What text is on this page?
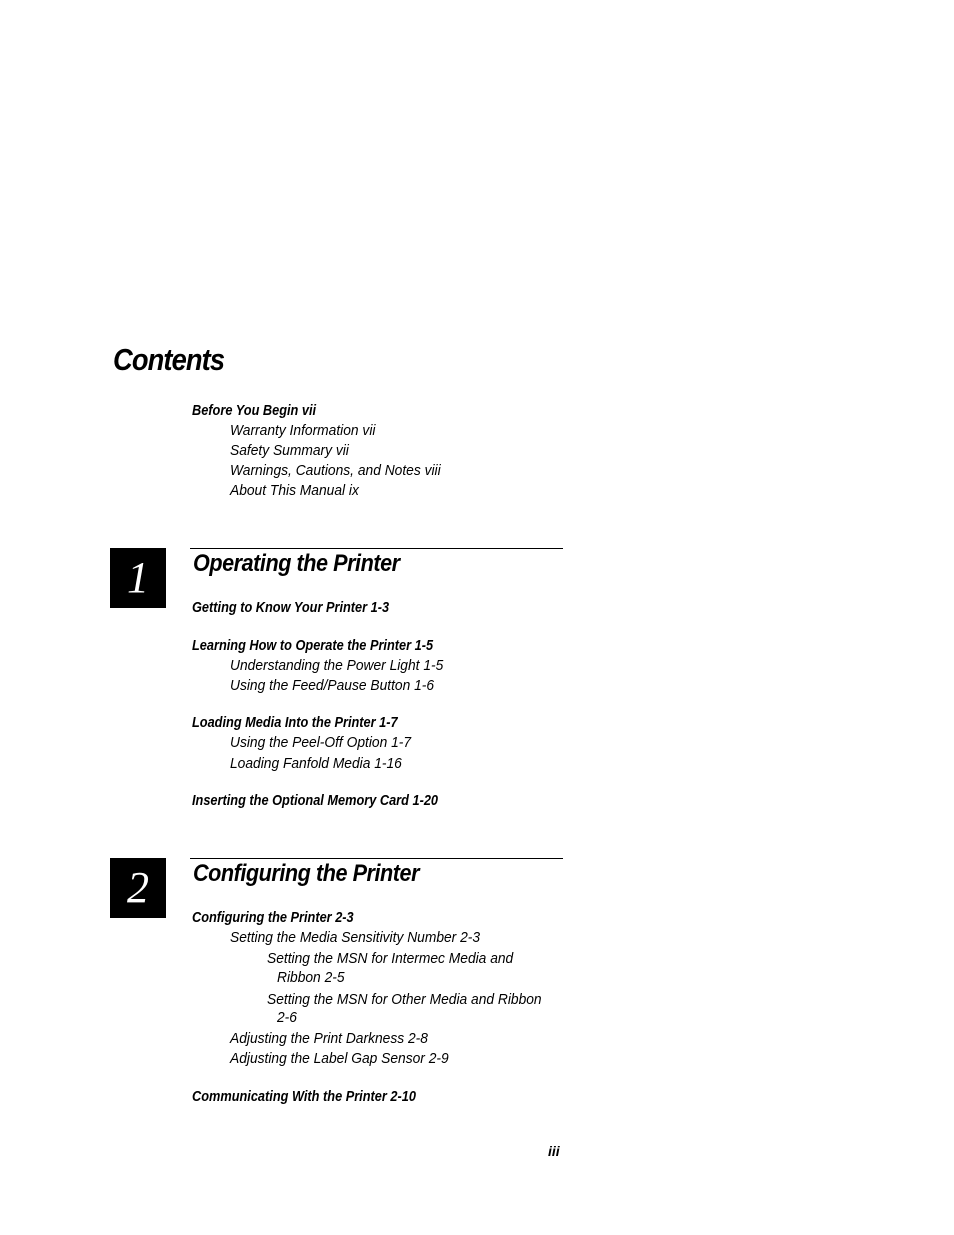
Contents
Before You Begin vii
Warranty Information vii
Safety Summary vii
Warnings, Cautions, and Notes viii
About This Manual ix
1 Operating the Printer
Getting to Know Your Printer 1-3
Learning How to Operate the Printer 1-5
Understanding the Power Light 1-5
Using the Feed/Pause Button 1-6
Loading Media Into the Printer 1-7
Using the Peel-Off Option 1-7
Loading Fanfold Media 1-16
Inserting the Optional Memory Card 1-20
2 Configuring the Printer
Configuring the Printer 2-3
Setting the Media Sensitivity Number 2-3
Setting the MSN for Intermec Media and
Ribbon 2-5
Setting the MSN for Other Media and Ribbon
2-6
Adjusting the Print Darkness 2-8
Adjusting the Label Gap Sensor 2-9
Communicating With the Printer 2-10
iii
